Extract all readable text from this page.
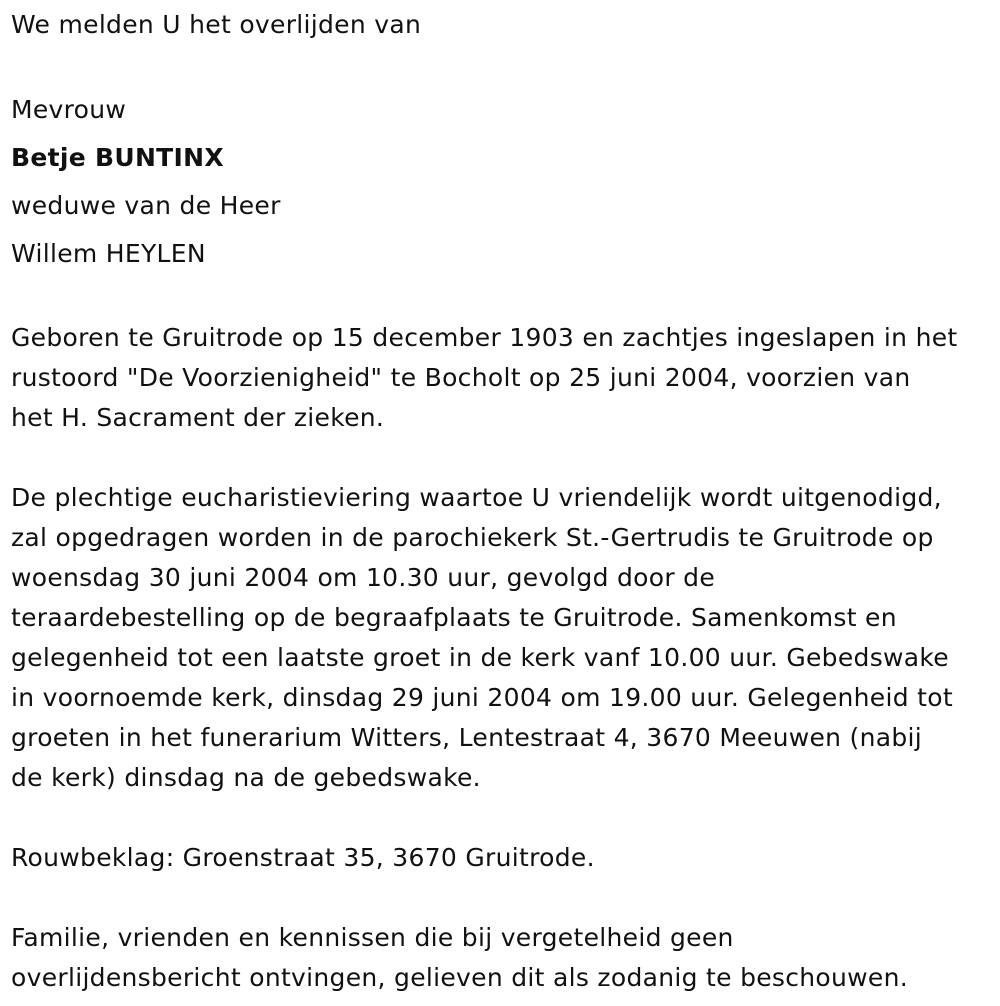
We melden U het overlijden van
Mevrouw
Betje BUNTINX
weduwe van de Heer
Willem HEYLEN
Geboren te Gruitrode op 15 december 1903 en zachtjes ingeslapen in het
rustoord "De Voorzienigheid" te Bocholt op 25 juni 2004, voorzien van
het H. Sacrament der zieken.
De plechtige eucharistieviering waartoe U vriendelijk wordt uitgenodigd,
zal opgedragen worden in de parochiekerk St.-Gertrudis te Gruitrode op
woensdag 30 juni 2004 om 10.30 uur, gevolgd door de
teraardebestelling op de begraafplaats te Gruitrode. Samenkomst en
gelegenheid tot een laatste groet in de kerk vanf 10.00 uur. Gebedswake
in voornoemde kerk, dinsdag 29 juni 2004 om 19.00 uur. Gelegenheid tot
groeten in het funerarium Witters, Lentestraat 4, 3670 Meeuwen (nabij
de kerk) dinsdag na de gebedswake.
Rouwbeklag: Groenstraat 35, 3670 Gruitrode.
Familie, vrienden en kennissen die bij vergetelheid geen
overlijdensbericht ontvingen, gelieven dit als zodanig te beschouwen.
